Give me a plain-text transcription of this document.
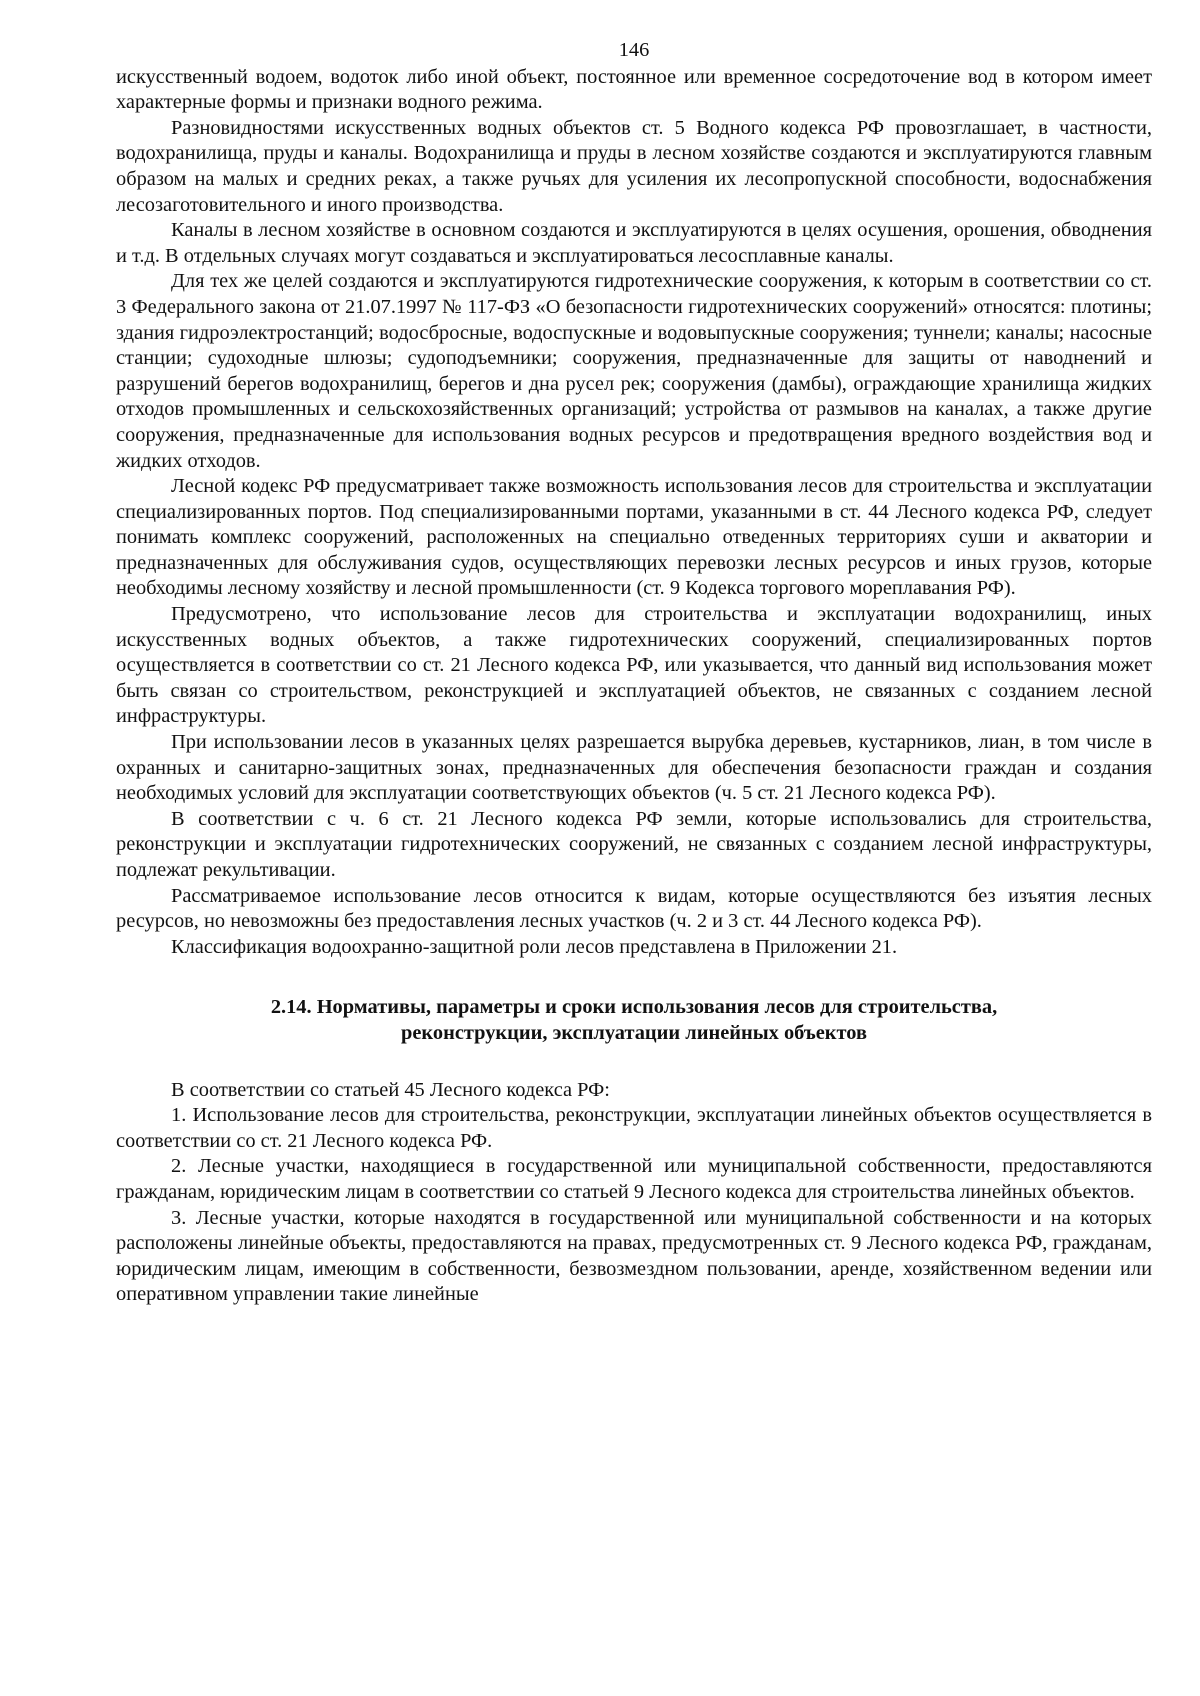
146

искусственный водоем, водоток либо иной объект, постоянное или временное сосредоточение вод в котором имеет характерные формы и признаки водного режима.

Разновидностями искусственных водных объектов ст. 5 Водного кодекса РФ провозглашает, в частности, водохранилища, пруды и каналы. Водохранилища и пруды в лесном хозяйстве создаются и эксплуатируются главным образом на малых и средних реках, а также ручьях для усиления их лесопропускной способности, водоснабжения лесозаготовительного и иного производства.

Каналы в лесном хозяйстве в основном создаются и эксплуатируются в целях осушения, орошения, обводнения и т.д. В отдельных случаях могут создаваться и эксплуатироваться лесосплавные каналы.

Для тех же целей создаются и эксплуатируются гидротехнические сооружения, к которым в соответствии со ст. 3 Федерального закона от 21.07.1997 № 117-ФЗ «О безопасности гидротехнических сооружений» относятся: плотины; здания гидроэлектростанций; водосбросные, водоспускные и водовыпускные сооружения; туннели; каналы; насосные станции; судоходные шлюзы; судоподъемники; сооружения, предназначенные для защиты от наводнений и разрушений берегов водохранилищ, берегов и дна русел рек; сооружения (дамбы), ограждающие хранилища жидких отходов промышленных и сельскохозяйственных организаций; устройства от размывов на каналах, а также другие сооружения, предназначенные для использования водных ресурсов и предотвращения вредного воздействия вод и жидких отходов.

Лесной кодекс РФ предусматривает также возможность использования лесов для строительства и эксплуатации специализированных портов. Под специализированными портами, указанными в ст. 44 Лесного кодекса РФ, следует понимать комплекс сооружений, расположенных на специально отведенных территориях суши и акватории и предназначенных для обслуживания судов, осуществляющих перевозки лесных ресурсов и иных грузов, которые необходимы лесному хозяйству и лесной промышленности (ст. 9 Кодекса торгового мореплавания РФ).

Предусмотрено, что использование лесов для строительства и эксплуатации водохранилищ, иных искусственных водных объектов, а также гидротехнических сооружений, специализированных портов осуществляется в соответствии со ст. 21 Лесного кодекса РФ, или указывается, что данный вид использования может быть связан со строительством, реконструкцией и эксплуатацией объектов, не связанных с созданием лесной инфраструктуры.

При использовании лесов в указанных целях разрешается вырубка деревьев, кустарников, лиан, в том числе в охранных и санитарно-защитных зонах, предназначенных для обеспечения безопасности граждан и создания необходимых условий для эксплуатации соответствующих объектов (ч. 5 ст. 21 Лесного кодекса РФ).

В соответствии с ч. 6 ст. 21 Лесного кодекса РФ земли, которые использовались для строительства, реконструкции и эксплуатации гидротехнических сооружений, не связанных с созданием лесной инфраструктуры, подлежат рекультивации.

Рассматриваемое использование лесов относится к видам, которые осуществляются без изъятия лесных ресурсов, но невозможны без предоставления лесных участков (ч. 2 и 3 ст. 44 Лесного кодекса РФ).

Классификация водоохранно-защитной роли лесов представлена в Приложении 21.

2.14. Нормативы, параметры и сроки использования лесов для строительства,
реконструкции, эксплуатации линейных объектов

В соответствии со статьей 45 Лесного кодекса РФ:

1. Использование лесов для строительства, реконструкции, эксплуатации линейных объектов осуществляется в соответствии со ст. 21 Лесного кодекса РФ.

2. Лесные участки, находящиеся в государственной или муниципальной собственности, предоставляются гражданам, юридическим лицам в соответствии со статьей 9 Лесного кодекса для строительства линейных объектов.

3. Лесные участки, которые находятся в государственной или муниципальной собственности и на которых расположены линейные объекты, предоставляются на правах, предусмотренных ст. 9 Лесного кодекса РФ, гражданам, юридическим лицам, имеющим в собственности, безвозмездном пользовании, аренде, хозяйственном ведении или оперативном управлении такие линейные
